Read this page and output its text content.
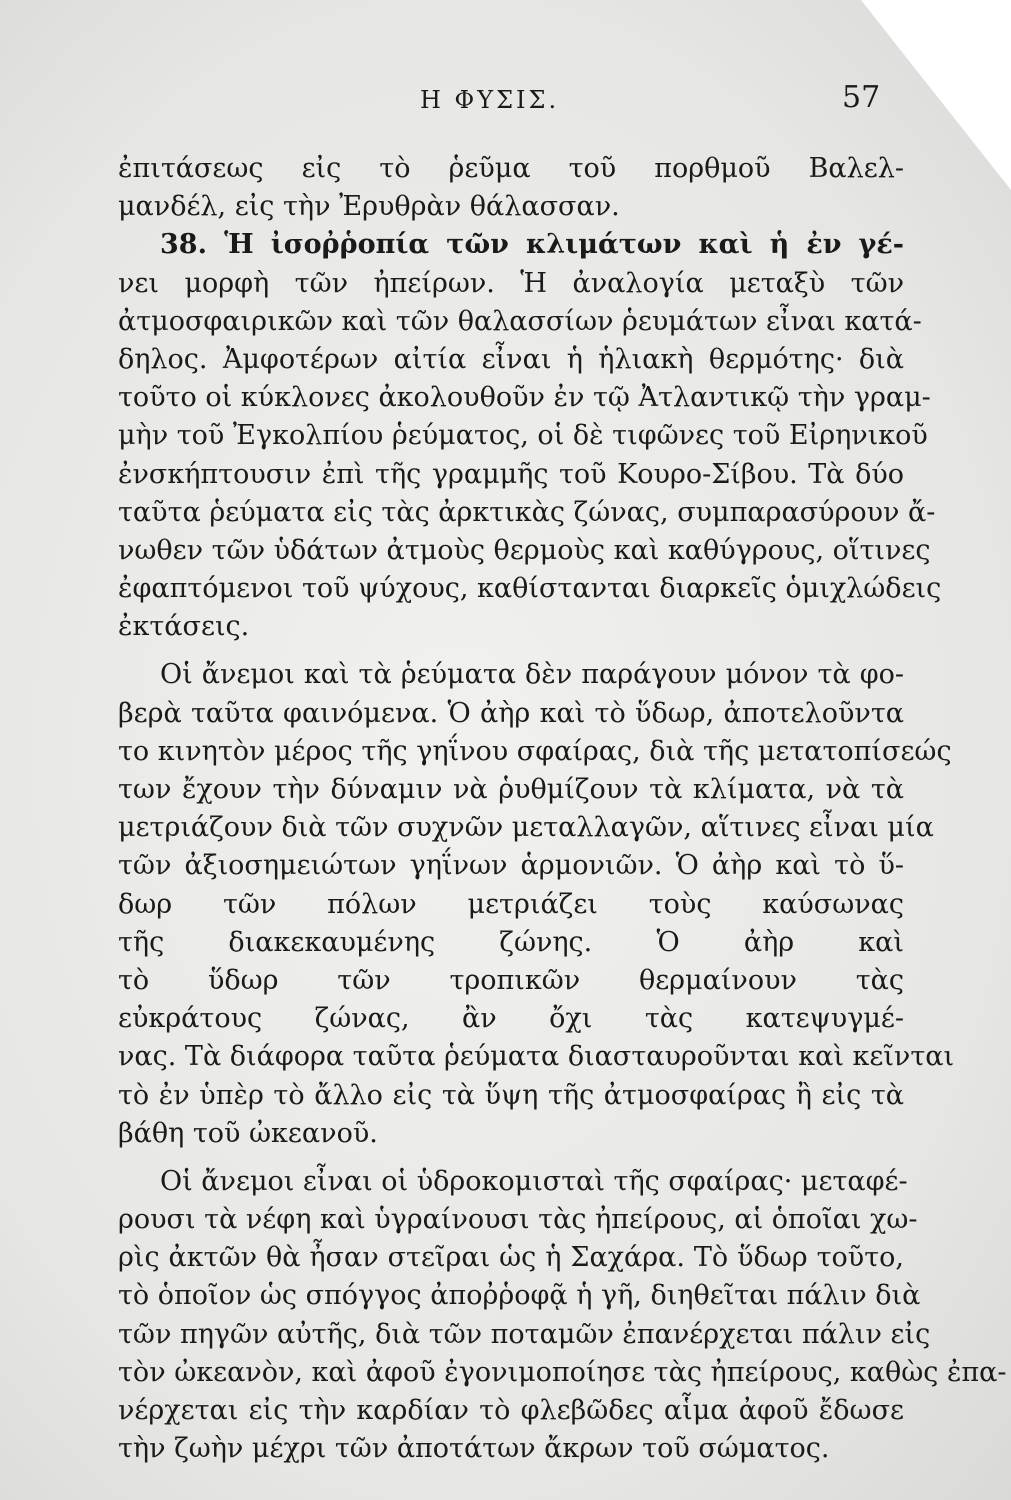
Η ΦΥΣΙΣ.	57
ἐπιτάσεως εἰς τὸ ῥεῦμα τοῦ πορθμοῦ Βαλελ-
μανδέλ, εἰς τὴν Ἐρυθρὰν θάλασσαν.
38. Ἡ ἰσοῤῥοπία τῶν κλιμάτων καὶ ἡ ἐν γέ-
νει μορφὴ τῶν ἠπείρων. Ἡ ἀναλογία μεταξὺ τῶν
ἀτμοσφαιρικῶν καὶ τῶν θαλασσίων ῥευμάτων εἶναι κατά-
δηλος. Ἀμφοτέρων αἰτία εἶναι ἡ ἡλιακὴ θερμότης· διὰ
τοῦτο οἱ κύκλονες ἀκολουθοῦν ἐν τῷ Ἀτλαντικῷ τὴν γραμ-
μὴν τοῦ Ἐγκολπίου ῥεύματος, οἱ δὲ τιφῶνες τοῦ Εἰρηνικοῦ
ἐνσκήπτουσιν ἐπὶ τῆς γραμμῆς τοῦ Κουρο-Σίβου. Τὰ δύο
ταῦτα ῥεύματα εἰς τὰς ἀρκτικὰς ζώνας, συμπαρασύρουν ἄ-
νωθεν τῶν ὑδάτων ἀτμοὺς θερμοὺς καὶ καθύγρους, οἵτινες
ἐφαπτόμενοι τοῦ ψύχους, καθίστανται διαρκεῖς ὁμιχλώδεις
ἐκτάσεις.
Οἱ ἄνεμοι καὶ τὰ ῥεύματα δὲν παράγουν μόνον τὰ φο-
βερὰ ταῦτα φαινόμενα. Ὁ ἀὴρ καὶ τὸ ὕδωρ, ἀποτελοῦντα
το κινητὸν μέρος τῆς γηΐνου σφαίρας, διὰ τῆς μετατοπίσεώς
των ἔχουν τὴν δύναμιν νὰ ῥυθμίζουν τὰ κλίματα, νὰ τὰ
μετριάζουν διὰ τῶν συχνῶν μεταλλαγῶν, αἵτινες εἶναι μία
τῶν ἀξιοσημειώτων γηΐνων ἁρμονιῶν. Ὁ ἀὴρ καὶ τὸ ὕ-
δωρ τῶν πόλων μετριάζει τοὺς καύσωνας
τῆς διακεκαυμένης ζώνης. Ὁ ἀὴρ καὶ
τὸ ὕδωρ τῶν τροπικῶν θερμαίνουν τὰς
εὐκράτους ζώνας, ἂν ὄχι τὰς κατεψυγμέ-
νας. Τὰ διάφορα ταῦτα ῥεύματα διασταυροῦνται καὶ κεῖνται
τὸ ἐν ὑπὲρ τὸ ἄλλο εἰς τὰ ὕψη τῆς ἀτμοσφαίρας ἢ εἰς τὰ
βάθη τοῦ ὠκεανοῦ.
Οἱ ἄνεμοι εἶναι οἱ ὑδροκομισταὶ τῆς σφαίρας· μεταφέ-
ρουσι τὰ νέφη καὶ ὑγραίνουσι τὰς ἠπείρους, αἱ ὁποῖαι χω-
ρὶς ἀκτῶν θὰ ἦσαν στεῖραι ὡς ἡ Σαχάρα. Τὸ ὕδωρ τοῦτο,
τὸ ὁποῖον ὡς σπόγγος ἀποῤῥοφᾷ ἡ γῆ, διηθεῖται πάλιν διὰ
τῶν πηγῶν αὐτῆς, διὰ τῶν ποταμῶν ἐπανέρχεται πάλιν εἰς
τὸν ὠκεανὸν, καὶ ἀφοῦ ἐγονιμοποίησε τὰς ἠπείρους, καθὼς ἐπα-
νέρχεται εἰς τὴν καρδίαν τὸ φλεβῶδες αἷμα ἀφοῦ ἔδωσε
τὴν ζωὴν μέχρι τῶν ἀποτάτων ἄκρων τοῦ σώματος.
